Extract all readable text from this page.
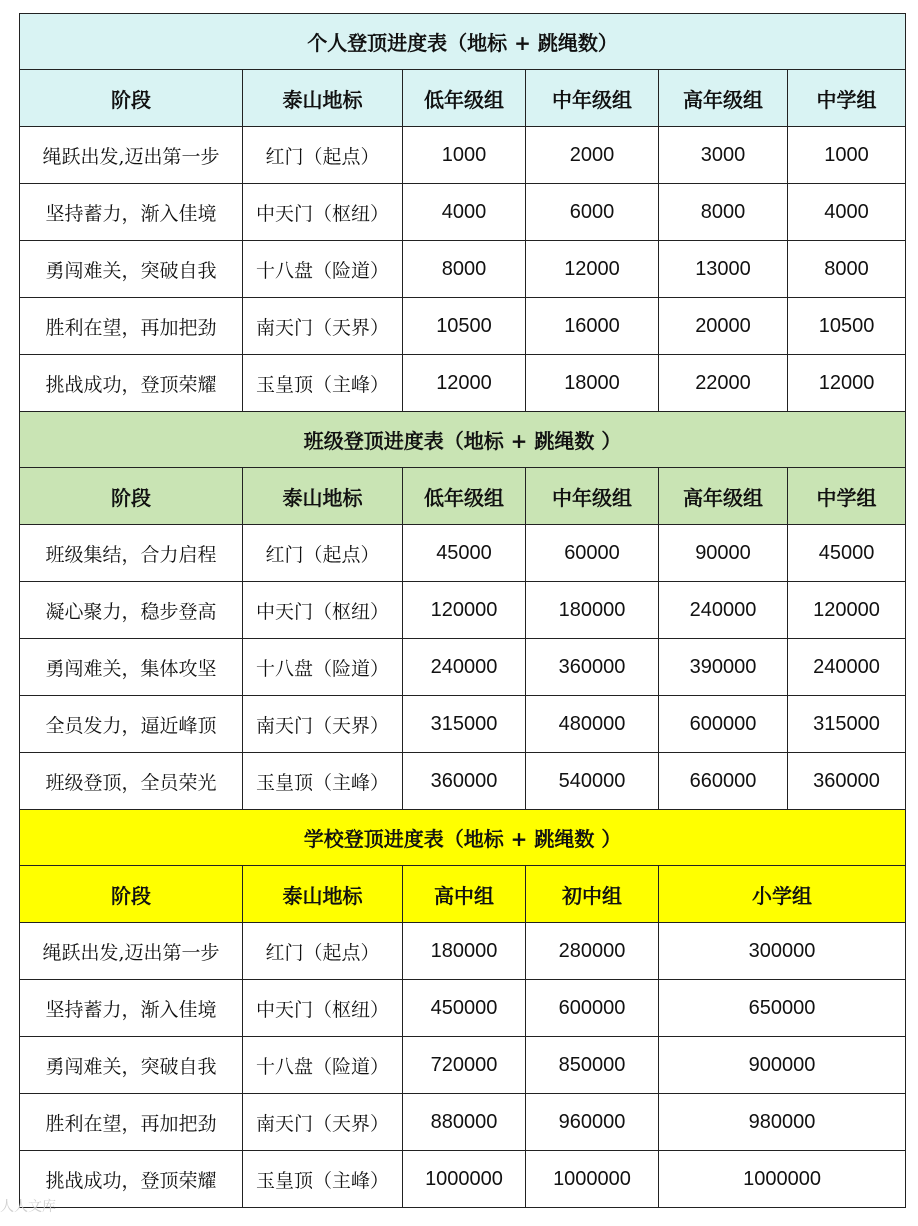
个人登顶进度表（地标 + 跳绳数）					
阶段	泰山地标	低年级组	中年级组	高年级组	中学组
绳跃出发,迈出第一步	红门（起点）	1000	2000	3000	1000
坚持蓄力，渐入佳境	中天门（枢纽）	4000	6000	8000	4000
勇闯难关，突破自我	十八盘（险道）	8000	12000	13000	8000
胜利在望，再加把劲	南天门（天界）	10500	16000	20000	10500
挑战成功，登顶荣耀	玉皇顶（主峰）	12000	18000	22000	12000
班级登顶进度表（地标 + 跳绳数 ）					
阶段	泰山地标	低年级组	中年级组	高年级组	中学组
班级集结，合力启程	红门（起点）	45000	60000	90000	45000
凝心聚力，稳步登高	中天门（枢纽）	120000	180000	240000	120000
勇闯难关，集体攻坚	十八盘（险道）	240000	360000	390000	240000
全员发力，逼近峰顶	南天门（天界）	315000	480000	600000	315000
班级登顶，全员荣光	玉皇顶（主峰）	360000	540000	660000	360000
学校登顶进度表（地标 + 跳绳数 ）					
阶段	泰山地标	高中组	初中组	小学组	
绳跃出发,迈出第一步	红门（起点）	180000	280000	300000	
坚持蓄力，渐入佳境	中天门（枢纽）	450000	600000	650000	
勇闯难关，突破自我	十八盘（险道）	720000	850000	900000	
胜利在望，再加把劲	南天门（天界）	880000	960000	980000	
挑战成功，登顶荣耀	玉皇顶（主峰）	1000000	1000000	1000000	
人人文库
